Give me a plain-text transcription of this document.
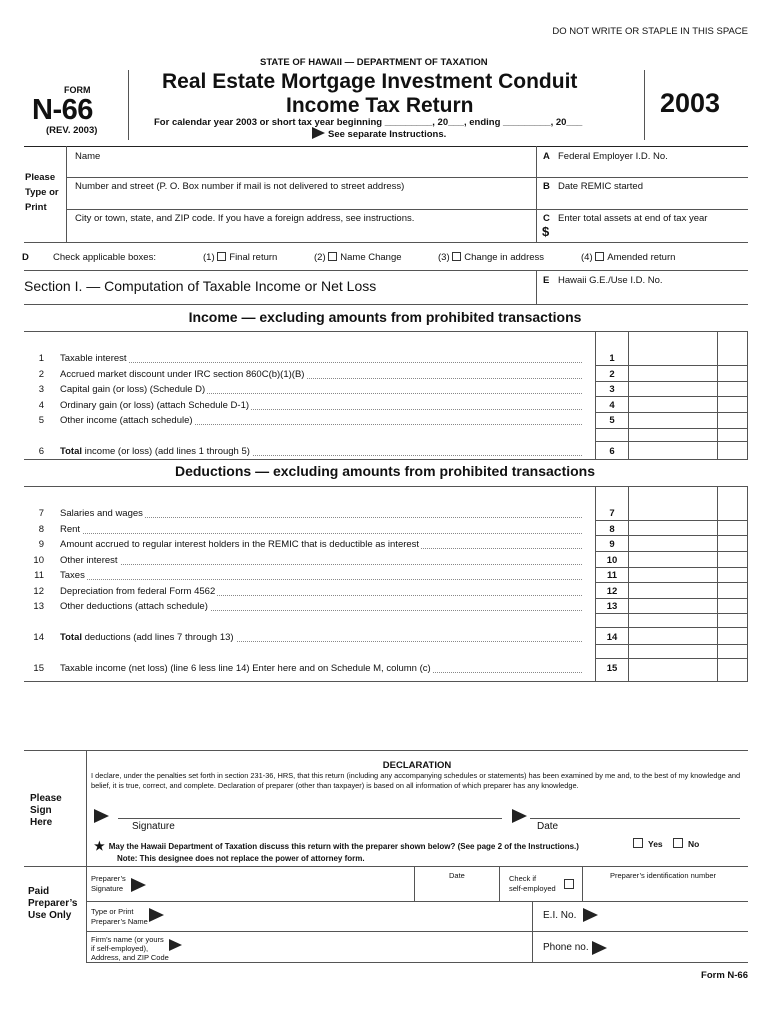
DO NOT WRITE OR STAPLE IN THIS SPACE
STATE OF HAWAII — DEPARTMENT OF TAXATION
FORM
N-66
(REV. 2003)
Real Estate Mortgage Investment Conduit
Income Tax Return
For calendar year 2003 or short tax year beginning _________, 20___, ending _________, 20___
See separate Instructions.
2003
Please
Type or
Print
Name
Number and street (P. O. Box number if mail is not delivered to street address)
City or town, state, and ZIP code. If you have a foreign address, see instructions.
A Federal Employer I.D. No.
B Date REMIC started
C Enter total assets at end of tax year
$
D	Check applicable boxes:	(1) Final return	(2) Name Change	(3) Change in address	(4) Amended return
Section I. — Computation of Taxable Income or Net Loss	E Hawaii G.E./Use I.D. No.
Income — excluding amounts from prohibited transactions
1 Taxable interest	1
2 Accrued market discount under IRC section 860C(b)(1)(B)	2
3 Capital gain (or loss) (Schedule D)	3
4 Ordinary gain (or loss) (attach Schedule D-1)	4
5 Other income (attach schedule)	5
6 Total income (or loss) (add lines 1 through 5)	6
Deductions — excluding amounts from prohibited transactions
7 Salaries and wages	7
8 Rent	8
9 Amount accrued to regular interest holders in the REMIC that is deductible as interest	9
10 Other interest	10
11 Taxes	11
12 Depreciation from federal Form 4562	12
13 Other deductions (attach schedule)	13
14 Total deductions (add lines 7 through 13)	14
15 Taxable income (net loss) (line 6 less line 14) Enter here and on Schedule M, column (c)	15
DECLARATION
I declare, under the penalties set forth in section 231-36, HRS, that this return (including any accompanying schedules or statements) has been examined by me and, to the best of my knowledge and belief, it is true, correct, and complete. Declaration of preparer (other than taxpayer) is based on all information of which preparer has any knowledge.
Please
Sign
Here	Signature	Date
★ May the Hawaii Department of Taxation discuss this return with the preparer shown below? (See page 2 of the Instructions.)	Yes	No
Note: This designee does not replace the power of attorney form.
Paid
Preparer’s
Use Only
Preparer’s
Signature
Date	Check if
self-employed
Preparer’s identification number
Type or Print
Preparer’s Name
E.I. No.
Firm’s name (or yours
if self-employed),
Address, and ZIP Code
Phone no.
Form N-66
